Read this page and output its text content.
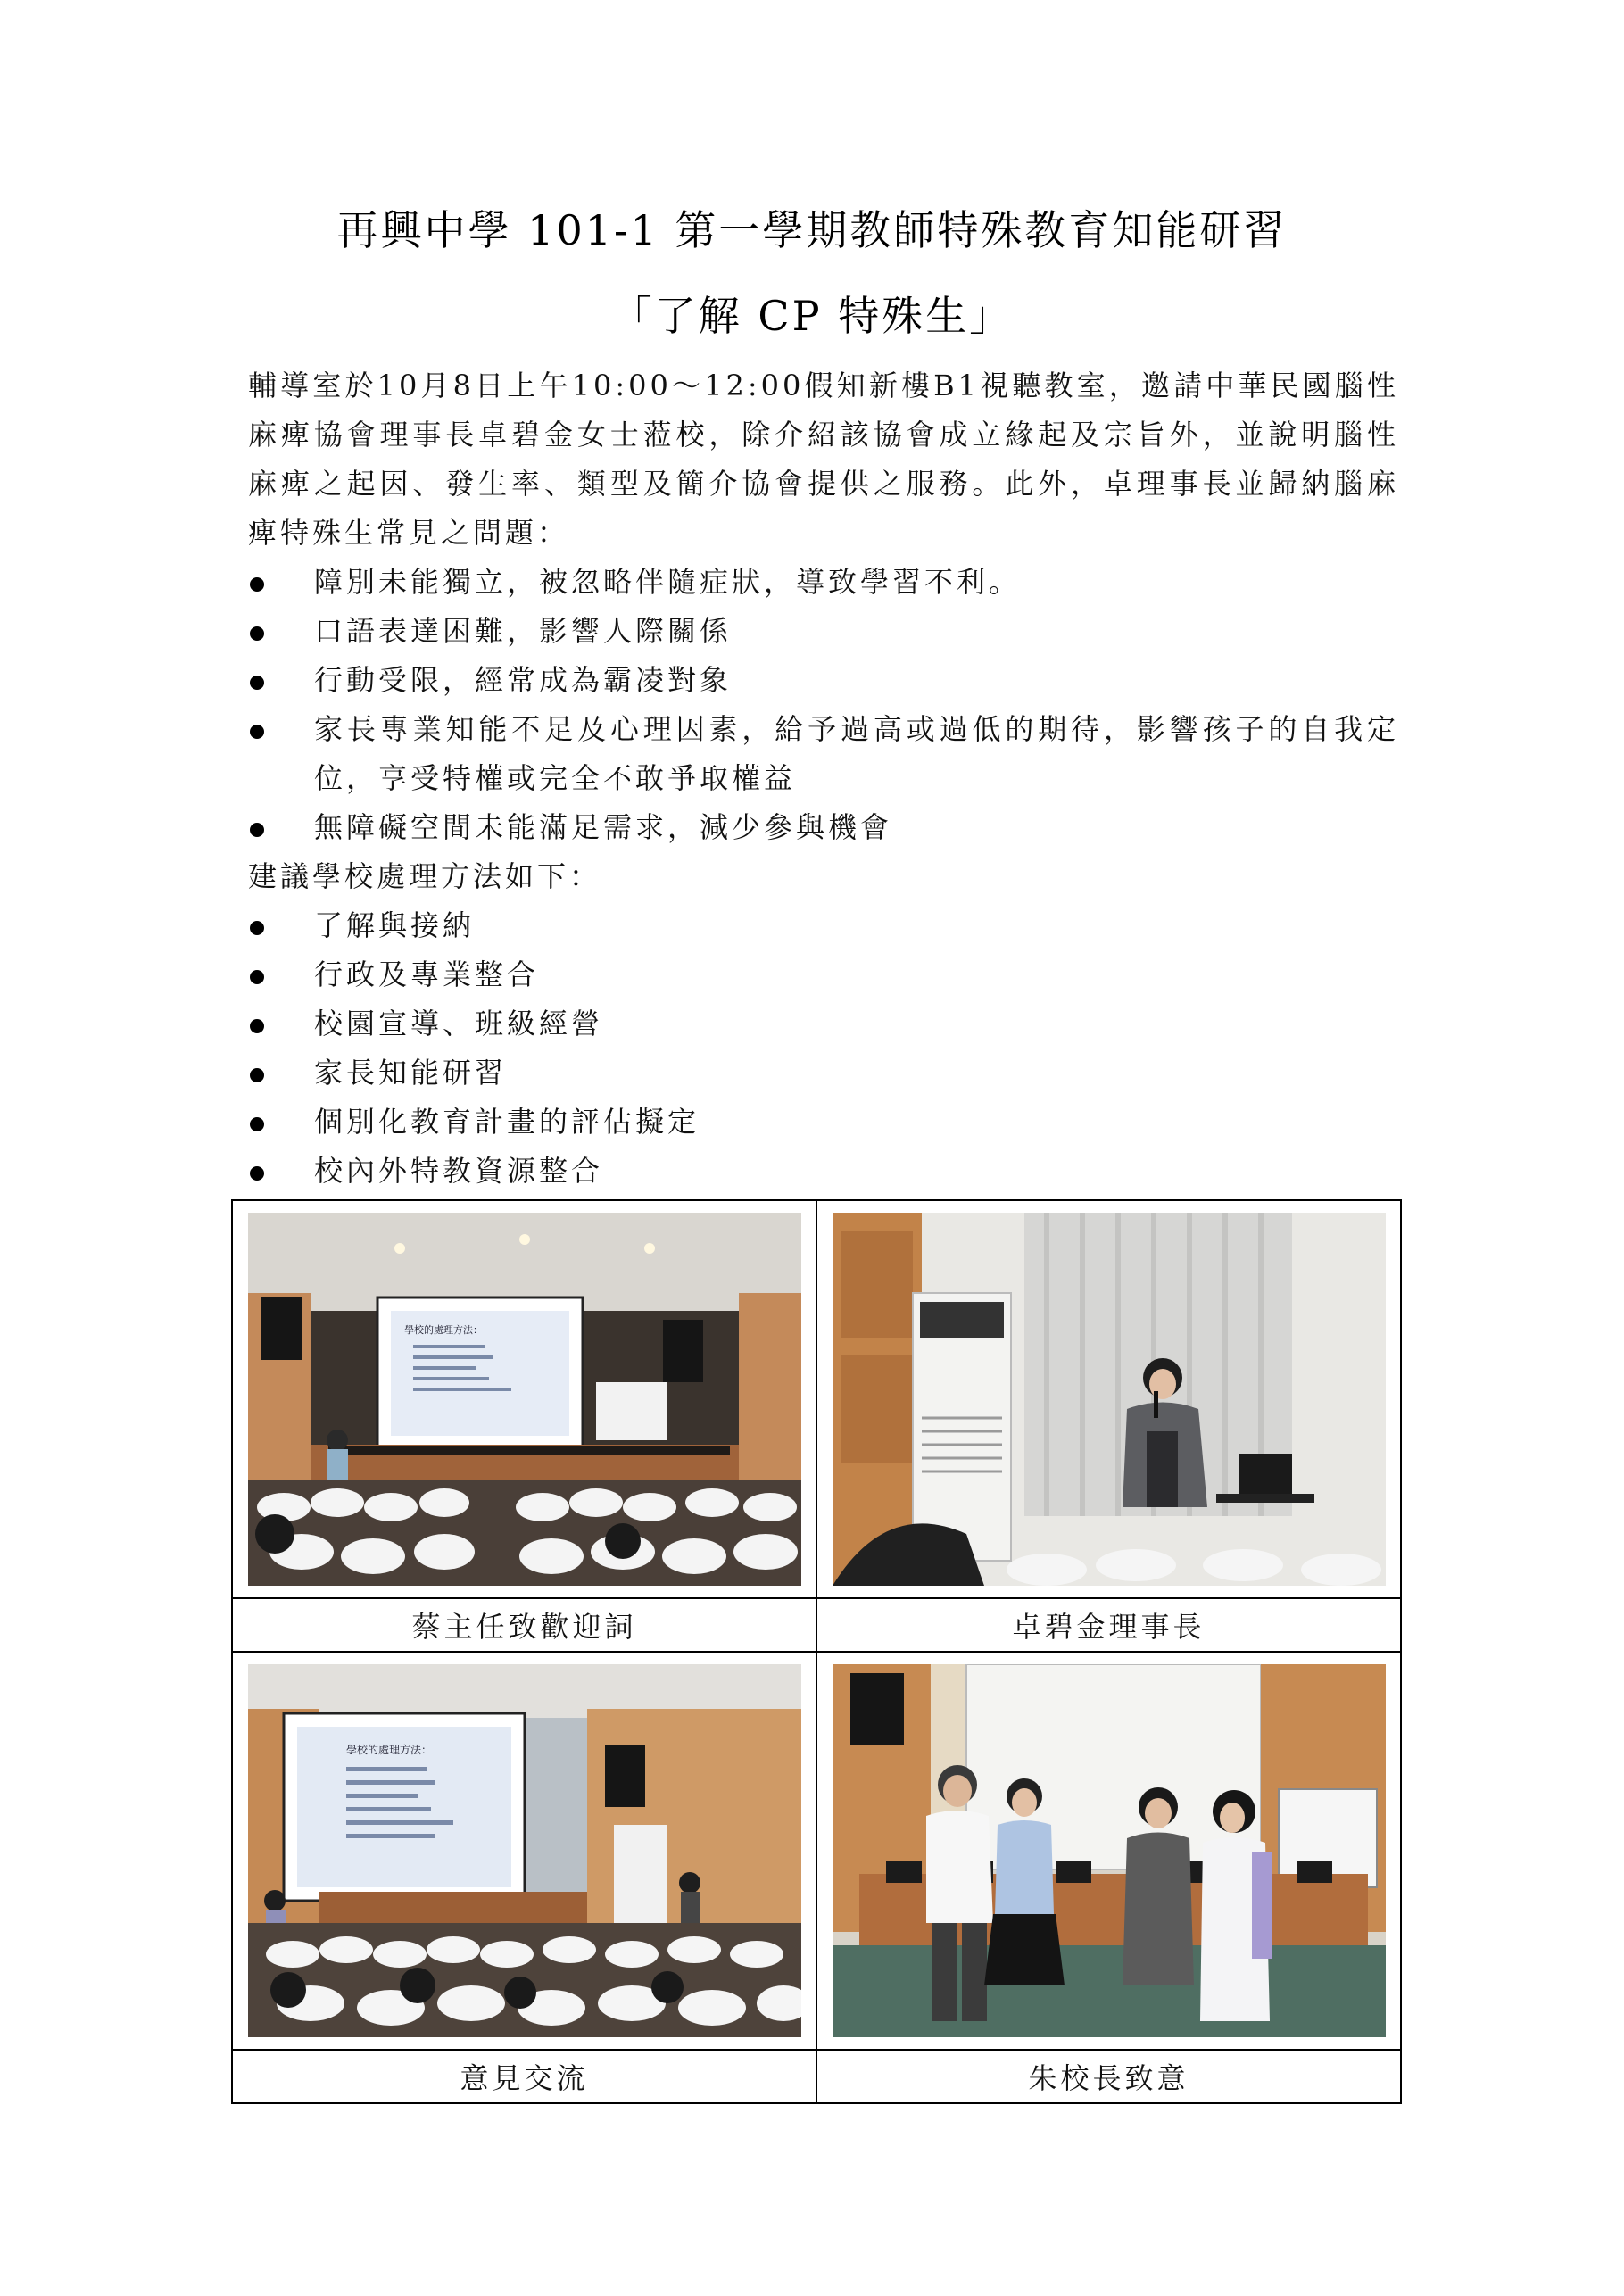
再興中學 101-1 第一學期教師特殊教育知能研習
「了解 CP 特殊生」

輔導室於10月8日上午10:00～12:00假知新樓B1視聽教室，邀請中華民國腦性麻痺協會理事長卓碧金女士蒞校，除介紹該協會成立緣起及宗旨外，並說明腦性麻痺之起因、發生率、類型及簡介協會提供之服務。此外，卓理事長並歸納腦麻痺特殊生常見之問題：

障別未能獨立，被忽略伴隨症狀，導致學習不利。
口語表達困難，影響人際關係
行動受限，經常成為霸凌對象
家長專業知能不足及心理因素，給予過高或過低的期待，影響孩子的自我定位，享受特權或完全不敢爭取權益
無障礙空間未能滿足需求，減少參與機會

建議學校處理方法如下：

了解與接納
行政及專業整合
校園宣導、班級經營
家長知能研習
個別化教育計畫的評估擬定
校內外特教資源整合
學校的處理方法：

蔡主任致歡迎詞	卓碧金理事長

學校的處理方法：

意見交流	朱校長致意
